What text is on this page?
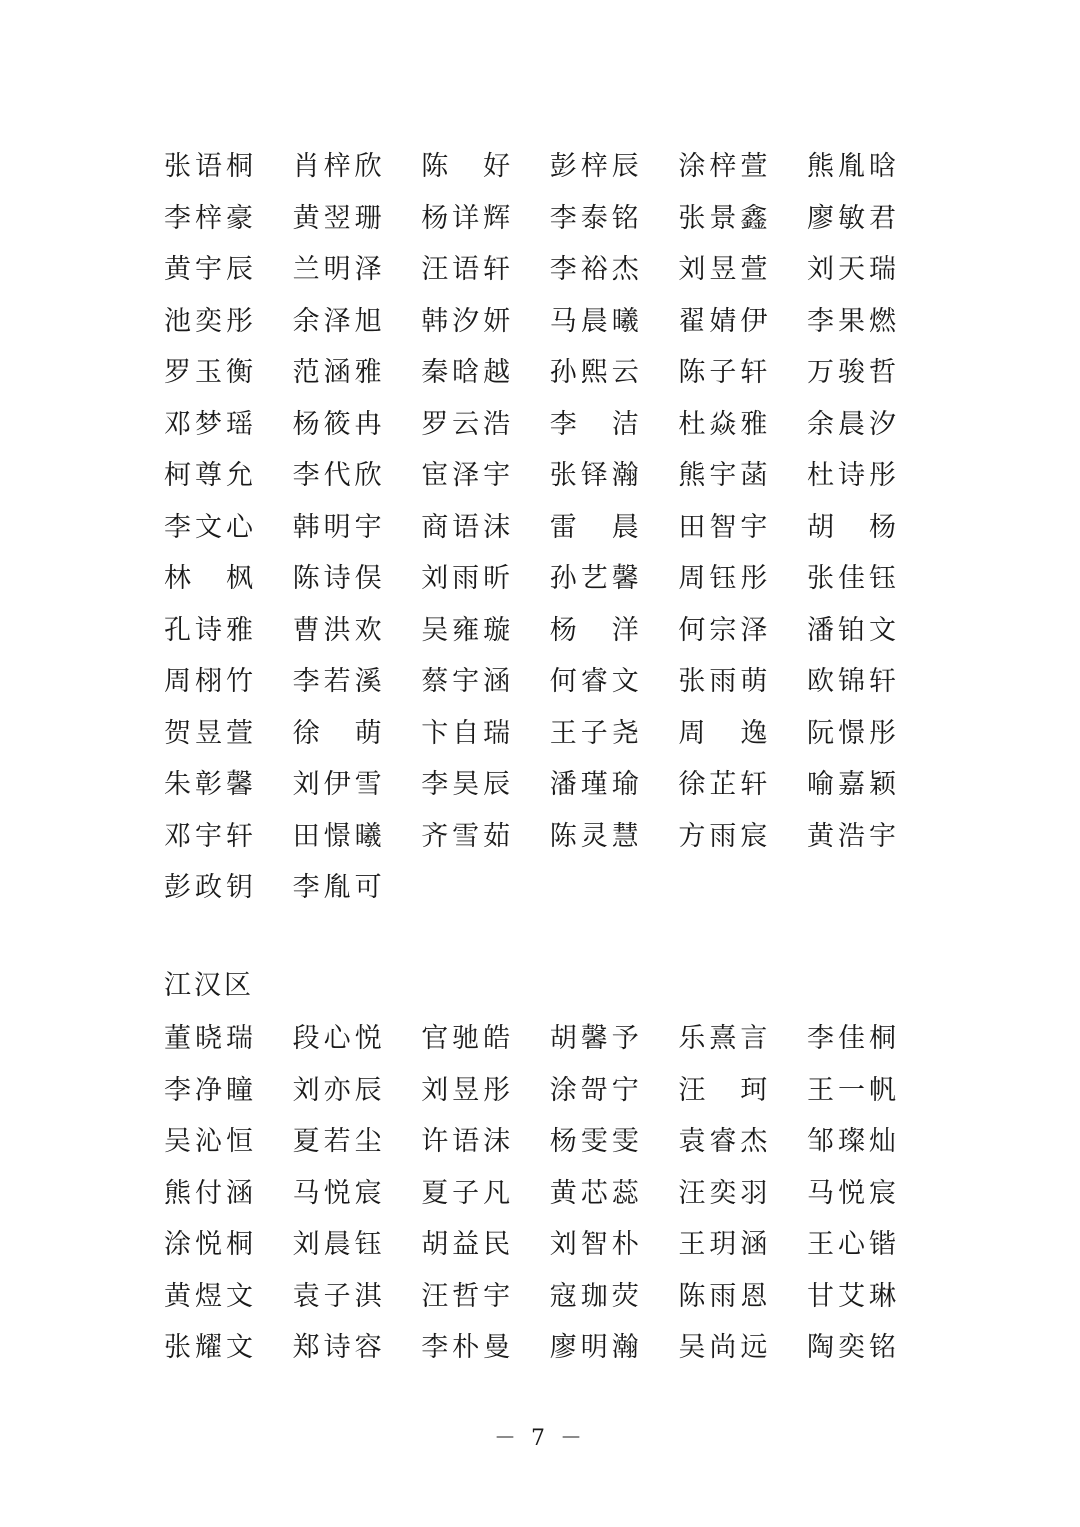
张语桐	肖梓欣	陈　好	彭梓辰	涂梓萱	熊胤晗
李梓豪	黄翌珊	杨详辉	李泰铭	张景鑫	廖敏君
黄宇辰	兰明泽	汪语轩	李裕杰	刘昱萱	刘天瑞
池奕彤	余泽旭	韩汐妍	马晨曦	翟婧伊	李果燃
罗玉衡	范涵雅	秦晗越	孙熙云	陈子轩	万骏哲
邓梦瑶	杨筱冉	罗云浩	李　洁	杜焱雅	余晨汐
柯尊允	李代欣	宦泽宇	张铎瀚	熊宇菡	杜诗彤
李文心	韩明宇	商语沫	雷　晨	田智宇	胡　杨
林　枫	陈诗俣	刘雨昕	孙艺馨	周钰彤	张佳钰
孔诗雅	曹洪欢	吴雍璇	杨　洋	何宗泽	潘铂文
周栩竹	李若溪	蔡宇涵	何睿文	张雨萌	欧锦轩
贺昱萱	徐　萌	卞自瑞	王子尧	周　逸	阮憬彤
朱彰馨	刘伊雪	李昊辰	潘瑾瑜	徐芷轩	喻嘉颖
邓宇轩	田憬曦	齐雪茹	陈灵慧	方雨宸	黄浩宇
彭政钥	李胤可
江汉区
董晓瑞	段心悦	官驰皓	胡馨予	乐熹言	李佳桐
李净瞳	刘亦辰	刘昱彤	涂哿宁	汪　珂	王一帆
吴沁恒	夏若尘	许语沫	杨雯雯	袁睿杰	邹璨灿
熊付涵	马悦宸	夏子凡	黄芯蕊	汪奕羽	马悦宸
涂悦桐	刘晨钰	胡益民	刘智朴	王玥涵	王心锴
黄煜文	袁子淇	汪哲宇	寇珈荧	陈雨恩	甘艾琳
张耀文	郑诗容	李朴曼	廖明瀚	吴尚远	陶奕铭
－ 7 －
